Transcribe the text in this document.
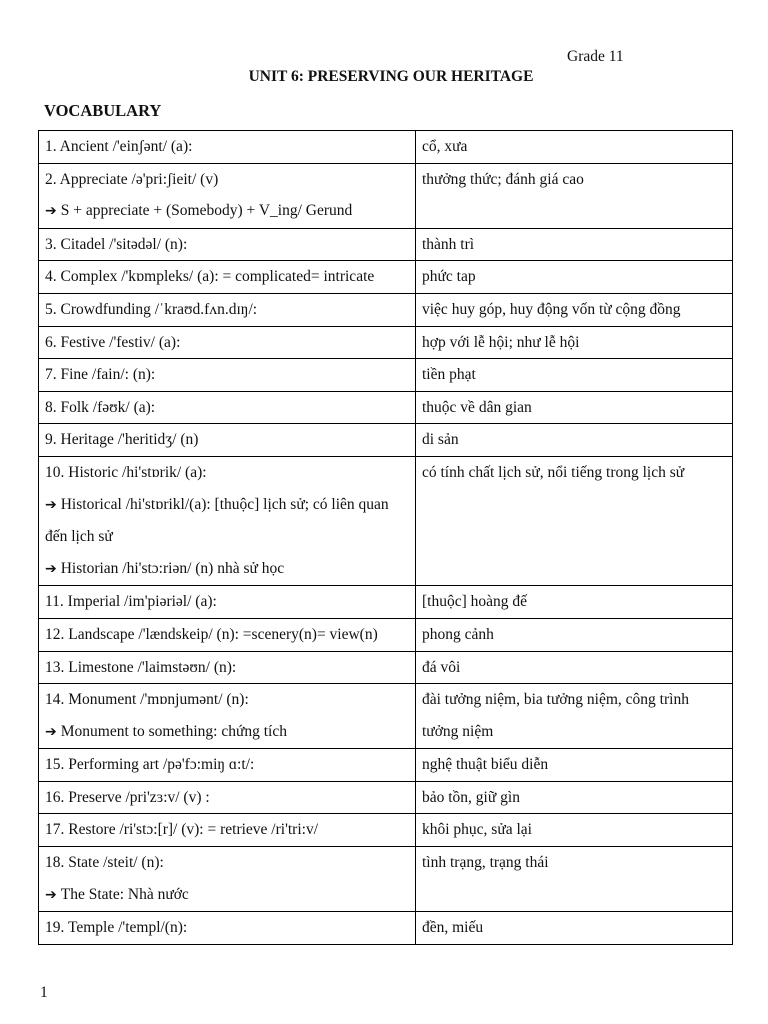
Grade 11
UNIT 6: PRESERVING OUR HERITAGE
VOCABULARY
1. Ancient /'einʃənt/ (a):	cổ, xưa

2. Appreciate /ə'pri:ʃieit/ (v)
➔ S + appreciate + (Somebody) + V_ing/ Gerund	thưởng thức; đánh giá cao

3. Citadel /'sitədəl/ (n):	thành trì

4. Complex /'kɒmpleks/ (a): = complicated= intricate	phức tap

5. Crowdfunding /ˈkraʊd.fʌn.dɪŋ/:	việc huy góp, huy động vốn từ cộng đồng

6. Festive /'festiv/ (a):	hợp với lễ hội; như lễ hội

7. Fine /fain/: (n):	tiền phạt

8. Folk /fəʊk/ (a):	thuộc về dân gian

9. Heritage /'heritidʒ/ (n)	di sản

10. Historic /hi'stɒrik/ (a):
➔ Historical /hi'stɒrikl/(a): [thuộc] lịch sử; có liên quan đến lịch sử
➔ Historian /hi'stɔ:riən/ (n) nhà sử học	có tính chất lịch sử, nổi tiếng trong lịch sử

11. Imperial /im'piəriəl/ (a):	[thuộc] hoàng đế

12. Landscape /'lændskeip/ (n): =scenery(n)= view(n)	phong cảnh

13. Limestone /'laimstəʊn/ (n):	đá vôi

14. Monument /'mɒnjumənt/ (n):
➔ Monument to something: chứng tích	đài tưởng niệm, bia tưởng niệm, công trình tưởng niệm

15. Performing art /pə'fɔ:miŋ ɑ:t/:	nghệ thuật biểu diễn

16. Preserve /pri'zɜ:v/ (v) :	bảo tồn, giữ gìn

17. Restore /ri'stɔ:[r]/ (v): = retrieve /ri'tri:v/	khôi phục, sửa lại

18. State /steit/ (n):
➔ The State: Nhà nước	tình trạng, trạng thái

19. Temple /'templ/(n):	đền, miếu
1
